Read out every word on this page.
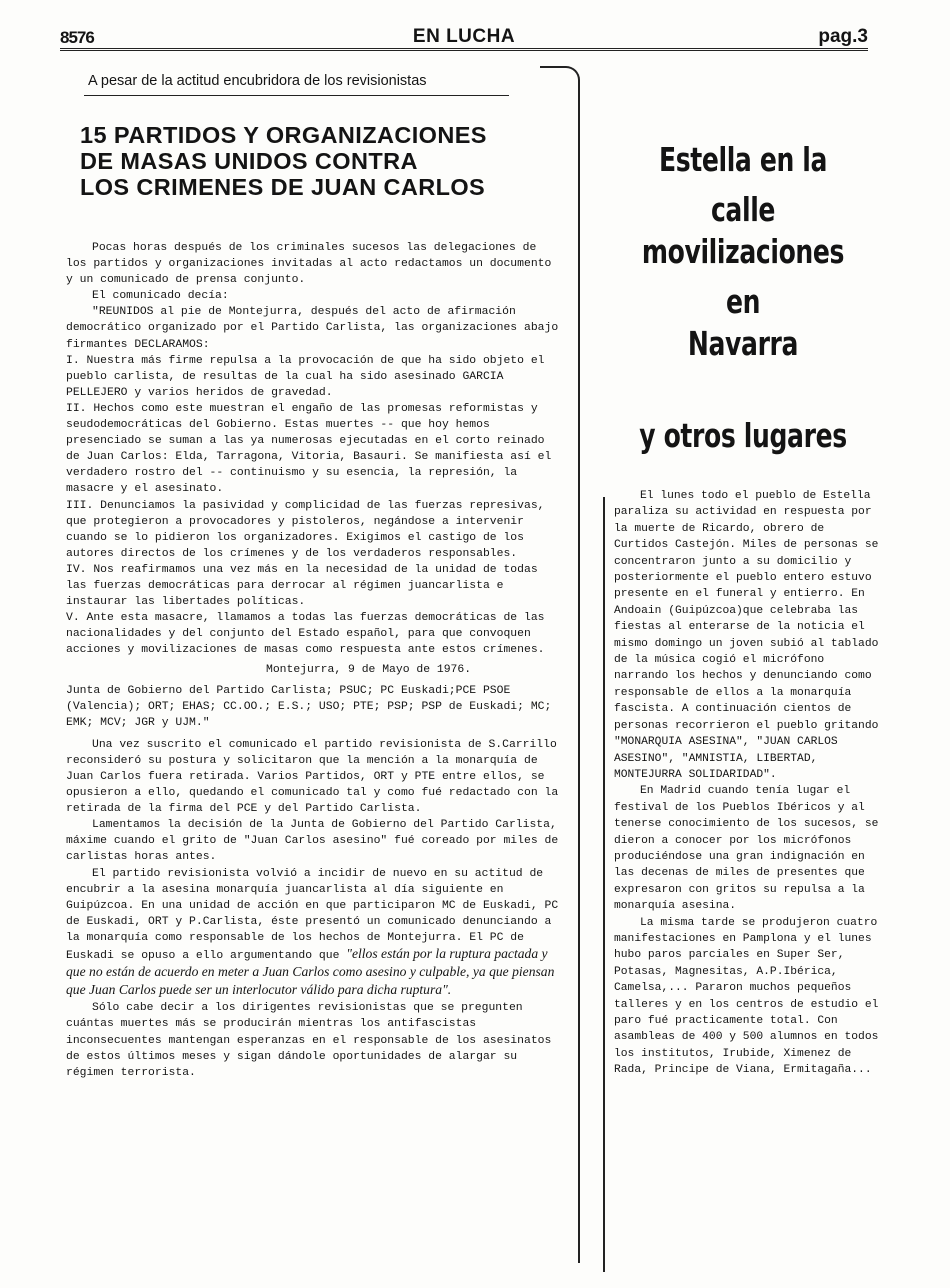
8576	EN LUCHA	pag.3
A pesar de la actitud encubridora de los revisionistas
15 PARTIDOS Y ORGANIZACIONES
DE MASAS UNIDOS CONTRA
LOS CRIMENES DE JUAN CARLOS

Pocas horas después de los criminales sucesos las delegaciones de los partidos y organizaciones invitadas al acto redactamos un documento y un comunicado de prensa conjunto.

El comunicado decía:

"REUNIDOS al pie de Montejurra, después del acto de afirmación democrático organizado por el Partido Carlista, las organizaciones abajo firmantes DECLARAMOS:

I. Nuestra más firme repulsa a la provocación de que ha sido objeto el pueblo carlista, de resultas de la cual ha sido asesinado GARCIA PELLEJERO y varios heridos de gravedad.

II. Hechos como este muestran el engaño de las promesas reformistas y seudodemocráticas del Gobierno. Estas muertes -- que hoy hemos presenciado se suman a las ya numerosas ejecutadas en el corto reinado de Juan Carlos: Elda, Tarragona, Vitoria, Basauri. Se manifiesta así el verdadero rostro del -- continuismo y su esencia, la represión, la masacre y el asesinato.

III. Denunciamos la pasividad y complicidad de las fuerzas represivas, que protegieron a provocadores y pistoleros, negándose a intervenir cuando se lo pidieron los organizadores. Exigimos el castigo de los autores directos de los crímenes y de los verdaderos responsables.

IV. Nos reafirmamos una vez más en la necesidad de la unidad de todas las fuerzas democráticas para derrocar al régimen juancarlista e instaurar las libertades políticas.

V. Ante esta masacre, llamamos a todas las fuerzas democráticas de las nacionalidades y del conjunto del Estado español, para que convoquen acciones y movilizaciones de masas como respuesta ante estos crímenes.

Montejurra, 9 de Mayo de 1976.

Junta de Gobierno del Partido Carlista; PSUC; PC Euskadi;PCE PSOE (Valencia); ORT; EHAS; CC.OO.; E.S.; USO; PTE; PSP; PSP de Euskadi; MC; EMK; MCV; JGR y UJM."

Una vez suscrito el comunicado el partido revisionista de S.Carrillo reconsideró su postura y solicitaron que la mención a la monarquía de Juan Carlos fuera retirada. Varios Partidos, ORT y PTE entre ellos, se opusieron a ello, quedando el comunicado tal y como fué redactado con la retirada de la firma del PCE y del Partido Carlista.

Lamentamos la decisión de la Junta de Gobierno del Partido Carlista, máxime cuando el grito de "Juan Carlos asesino" fué coreado por miles de carlistas horas antes.

El partido revisionista volvió a incidir de nuevo en su actitud de encubrir a la asesina monarquía juancarlista al día siguiente en Guipúzcoa. En una unidad de acción en que participaron MC de Euskadi, PC de Euskadi, ORT y P.Carlista, éste presentó un comunicado denunciando a la monarquía como responsable de los hechos de Montejurra. El PC de Euskadi se opuso a ello argumentando que "ellos están por la ruptura pactada y que no están de acuerdo en meter a Juan Carlos como asesino y culpable, ya que piensan que Juan Carlos puede ser un interlocutor válido para dicha ruptura".

Sólo cabe decir a los dirigentes revisionistas que se pregunten cuántas muertes más se producirán mientras los antifascistas inconsecuentes mantengan esperanzas en el responsable de los asesinatos de estos últimos meses y sigan dándole oportunidades de alargar su régimen terrorista.

Estella en la calle
movilizaciones en
Navarra
y otros lugares

El lunes todo el pueblo de Estella paraliza su actividad en respuesta por la muerte de Ricardo, obrero de Curtidos Castejón. Miles de personas se concentraron junto a su domicilio y posteriormente el pueblo entero estuvo presente en el funeral y entierro. En Andoain (Guipúzcoa)que celebraba las fiestas al enterarse de la noticia el mismo domingo un joven subió al tablado de la música cogió el micrófono narrando los hechos y denunciando como responsable de ellos a la monarquía fascista. A continuación cientos de personas recorrieron el pueblo gritando "MONARQUIA ASESINA", "JUAN CARLOS ASESINO", "AMNISTIA, LIBERTAD, MONTEJURRA SOLIDARIDAD".

En Madrid cuando tenía lugar el festival de los Pueblos Ibéricos y al tenerse conocimiento de los sucesos, se dieron a conocer por los micrófonos produciéndose una gran indignación en las decenas de miles de presentes que expresaron con gritos su repulsa a la monarquía asesina.

La misma tarde se produjeron cuatro manifestaciones en Pamplona y el lunes hubo paros parciales en Super Ser, Potasas, Magnesitas, A.P.Ibérica, Camelsa,... Pararon muchos pequeños talleres y en los centros de estudio el paro fué practicamente total. Con asambleas de 400 y 500 alumnos en todos los institutos, Irubide, Ximenez de Rada, Principe de Viana, Ermitagaña...
